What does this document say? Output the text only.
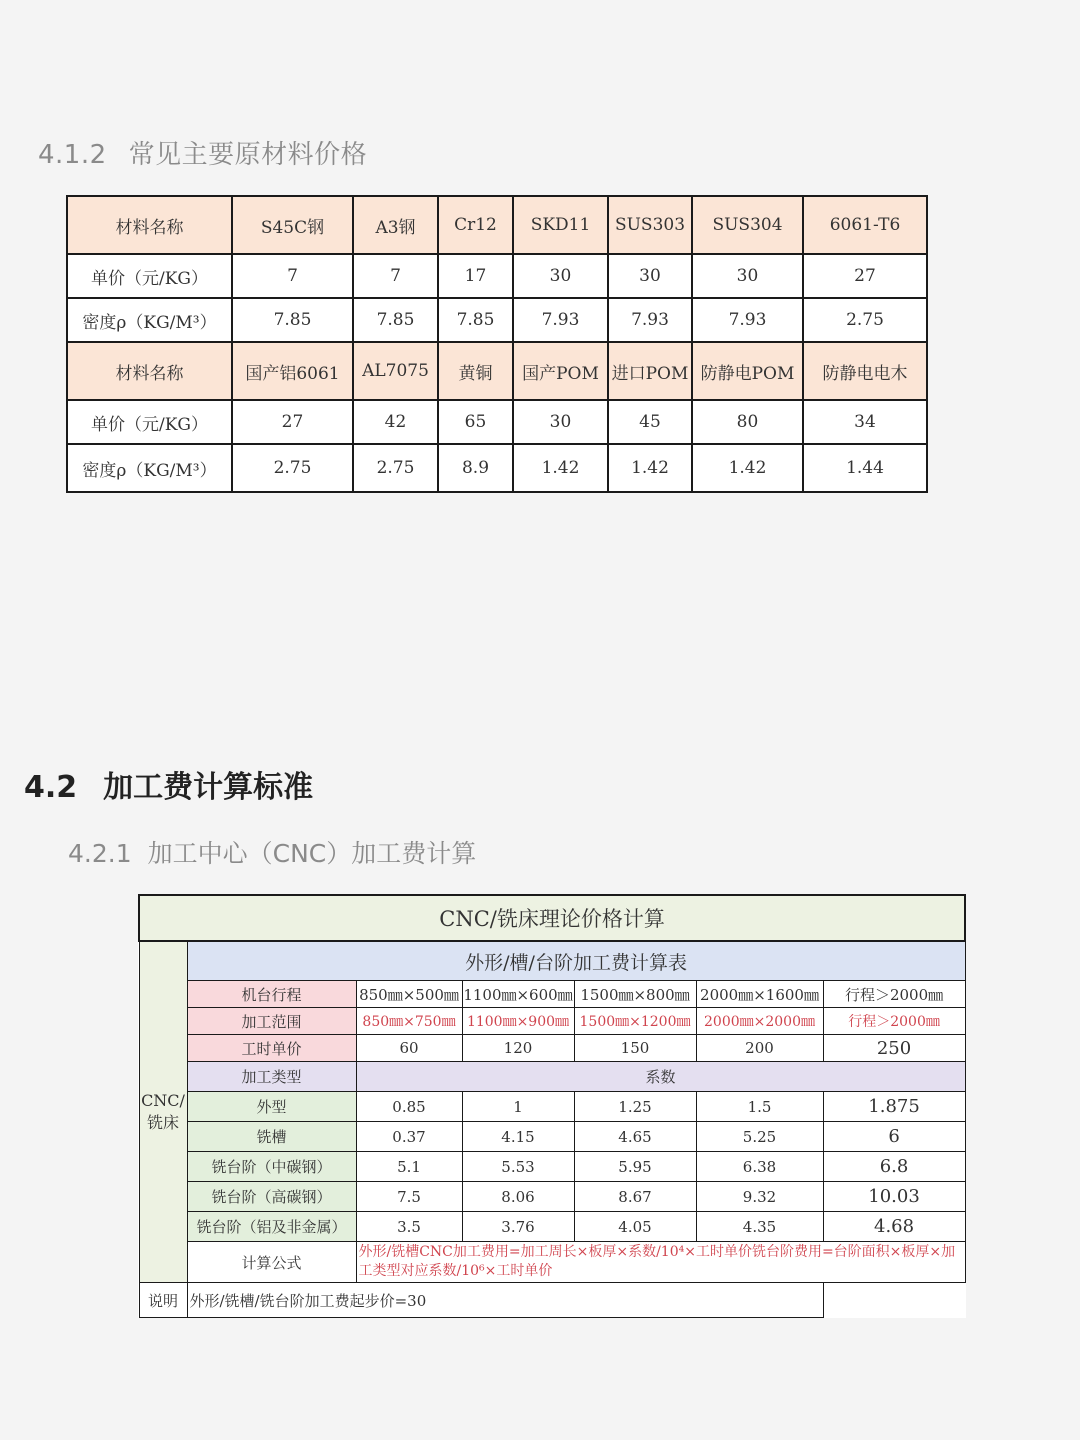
4.1.2 常见主要原材料价格
材料名称	S45C钢	A3钢	Cr12	SKD11	SUS303	SUS304	6061-T6
单价（元/KG）	7	7	17	30	30	30	27
密度ρ（KG/M³）	7.85	7.85	7.85	7.93	7.93	7.93	2.75
材料名称	国产铝6061	AL7075	黄铜	国产POM	进口POM	防静电POM	防静电电木
单价（元/KG）	27	42	65	30	45	80	34
密度ρ（KG/M³）	2.75	2.75	8.9	1.42	1.42	1.42	1.44
4.2 加工费计算标准
4.2.1 加工中心（CNC）加工费计算
CNC/铣床理论价格计算						
CNC/
铣床	外形/槽/台阶加工费计算表					
	机台行程	850㎜×500㎜	1100㎜×600㎜	1500㎜×800㎜	2000㎜×1600㎜	行程＞2000㎜
	加工范围	850㎜×750㎜	1100㎜×900㎜	1500㎜×1200㎜	2000㎜×2000㎜	行程＞2000㎜
	工时单价	60	120	150	200	250
	加工类型	系数				
	外型	0.85	1	1.25	1.5	1.875
	铣槽	0.37	4.15	4.65	5.25	6
	铣台阶（中碳钢）	5.1	5.53	5.95	6.38	6.8
	铣台阶（高碳钢）	7.5	8.06	8.67	9.32	10.03
	铣台阶（铝及非金属）	3.5	3.76	4.05	4.35	4.68
	计算公式	外形/铣槽CNC加工费用=加工周长×板厚×系数/10⁴×工时单价铣台阶费用=台阶面积×板厚×加工类型对应系数/10⁶×工时单价				
说明	外形/铣槽/铣台阶加工费起步价=30					
